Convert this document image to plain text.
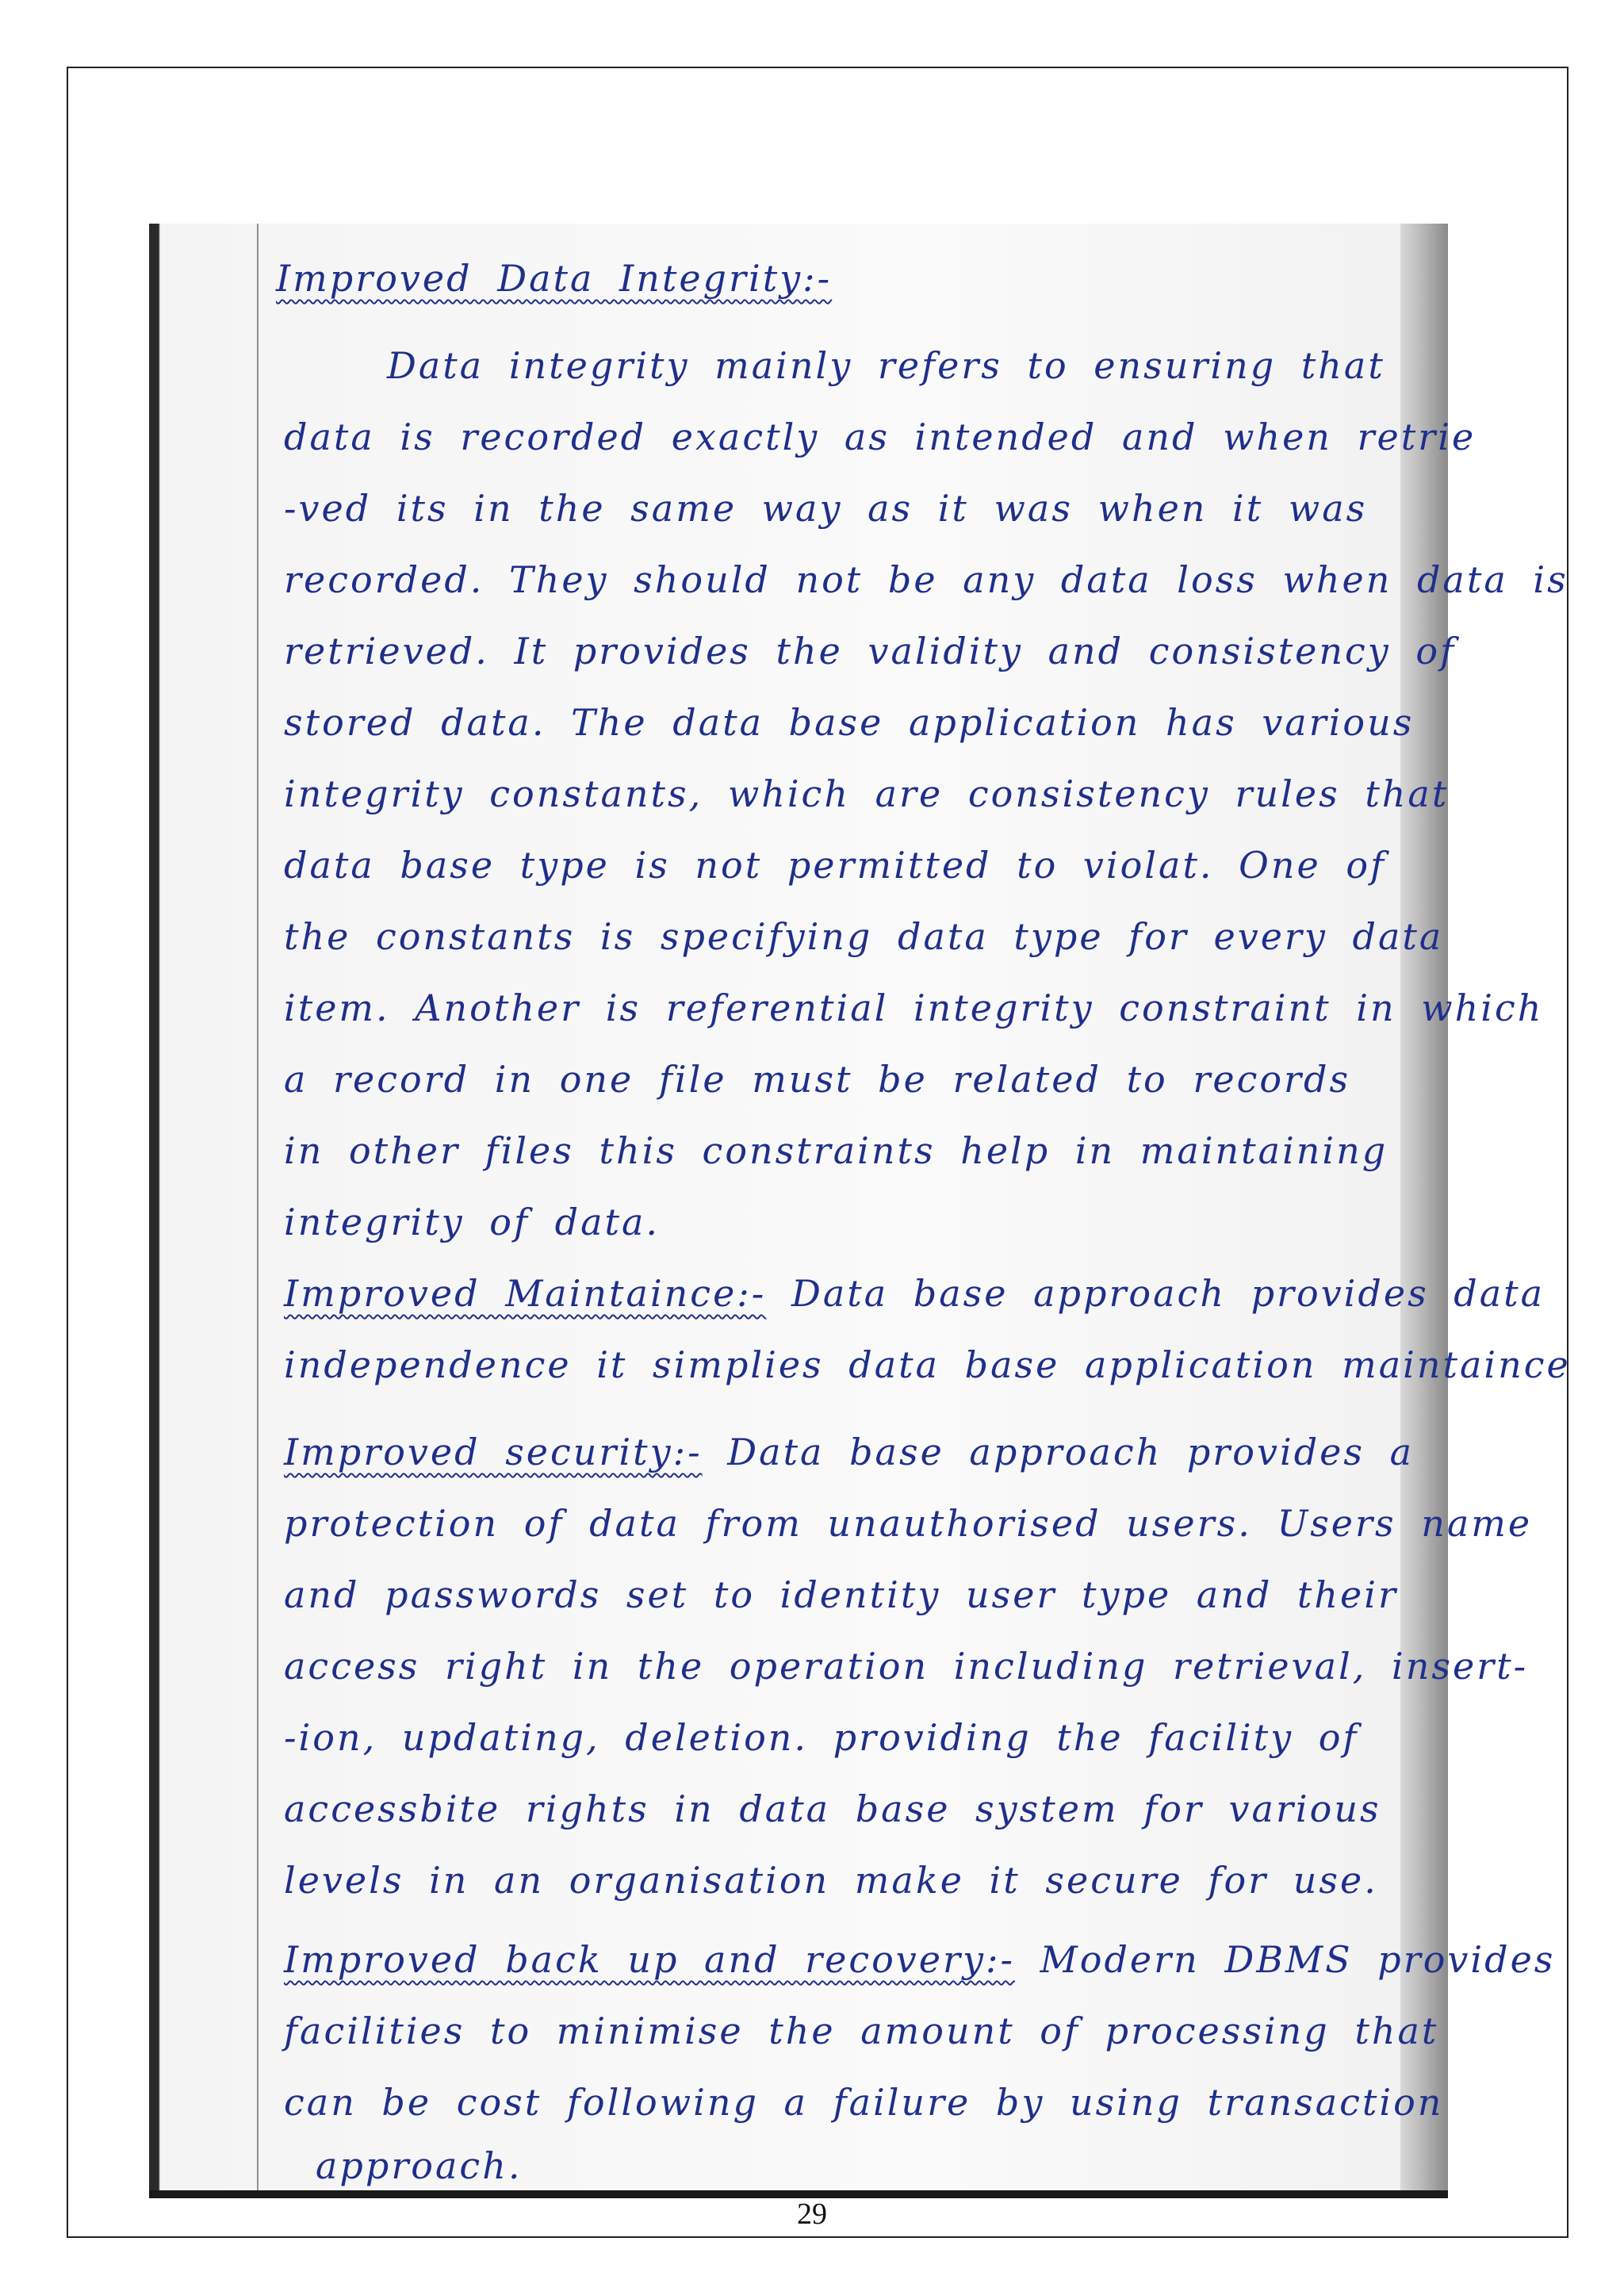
Improved Data Integrity:-
Data integrity mainly refers to ensuring that
data is recorded exactly as intended and when retrie
-ved its in the same way as it was when it was
recorded. They should not be any data loss when data is
retrieved. It provides the validity and consistency of
stored data. The data base application has various
integrity constants, which are consistency rules that
data base type is not permitted to violat. One of
the constants is specifying data type for every data
item. Another is referential integrity constraint in which
a record in one file must be related to records
in other files this constraints help in maintaining
integrity of data.
Improved Maintaince:- Data base approach provides data
independence it simplies data base application maintaince
Improved security:- Data base approach provides a
protection of data from unauthorised users. Users name
and passwords set to identity user type and their
access right in the operation including retrieval, insert-
-ion, updating, deletion. providing the facility of
accessbite rights in data base system for various
levels in an organisation make it secure for use.
Improved back up and recovery:- Modern DBMS provides
facilities to minimise the amount of processing that
can be cost following a failure by using transaction
approach.
29
